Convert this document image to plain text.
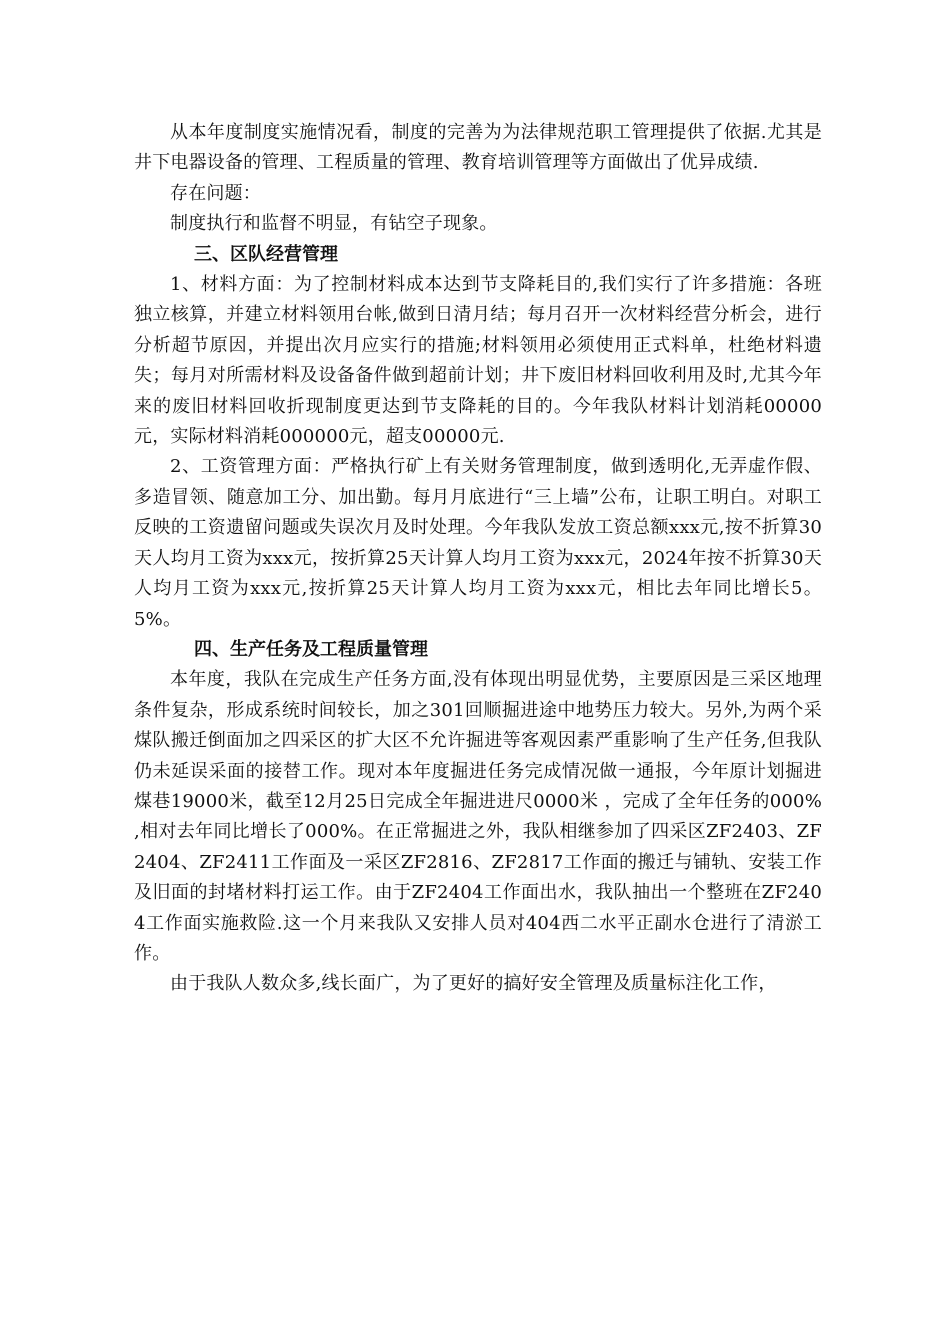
从本年度制度实施情况看，制度的完善为为法律规范职工管理提供了依据.尤其是井下电器设备的管理、工程质量的管理、教育培训管理等方面做出了优异成绩.

存在问题：

制度执行和监督不明显，有钻空子现象。

三、区队经营管理

1、材料方面：为了控制材料成本达到节支降耗目的,我们实行了许多措施：各班独立核算，并建立材料领用台帐,做到日清月结；每月召开一次材料经营分析会，进行分析超节原因，并提出次月应实行的措施;材料领用必须使用正式料单，杜绝材料遗失；每月对所需材料及设备备件做到超前计划；井下废旧材料回收利用及时,尤其今年来的废旧材料回收折现制度更达到节支降耗的目的。今年我队材料计划消耗00000元，实际材料消耗000000元，超支00000元.

2、工资管理方面：严格执行矿上有关财务管理制度，做到透明化,无弄虚作假、多造冒领、随意加工分、加出勤。每月月底进行“三上墙”公布，让职工明白。对职工反映的工资遗留问题或失误次月及时处理。今年我队发放工资总额xxx元,按不折算30天人均月工资为xxx元，按折算25天计算人均月工资为xxx元，2024年按不折算30天人均月工资为xxx元,按折算25天计算人均月工资为xxx元，相比去年同比增长5。5%。

四、生产任务及工程质量管理

本年度，我队在完成生产任务方面,没有体现出明显优势，主要原因是三采区地理条件复杂，形成系统时间较长，加之301回顺掘进途中地势压力较大。另外,为两个采煤队搬迁倒面加之四采区的扩大区不允许掘进等客观因素严重影响了生产任务,但我队仍未延误采面的接替工作。现对本年度掘进任务完成情况做一通报，今年原计划掘进煤巷19000米，截至12月25日完成全年掘进进尺0000米 ，完成了全年任务的000% ,相对去年同比增长了000%。在正常掘进之外，我队相继参加了四采区ZF2403、ZF2404、ZF2411工作面及一采区ZF2816、ZF2817工作面的搬迁与铺轨、安装工作及旧面的封堵材料打运工作。由于ZF2404工作面出水，我队抽出一个整班在ZF2404工作面实施救险.这一个月来我队又安排人员对404西二水平正副水仓进行了清淤工作。

由于我队人数众多,线长面广，为了更好的搞好安全管理及质量标注化工作，
